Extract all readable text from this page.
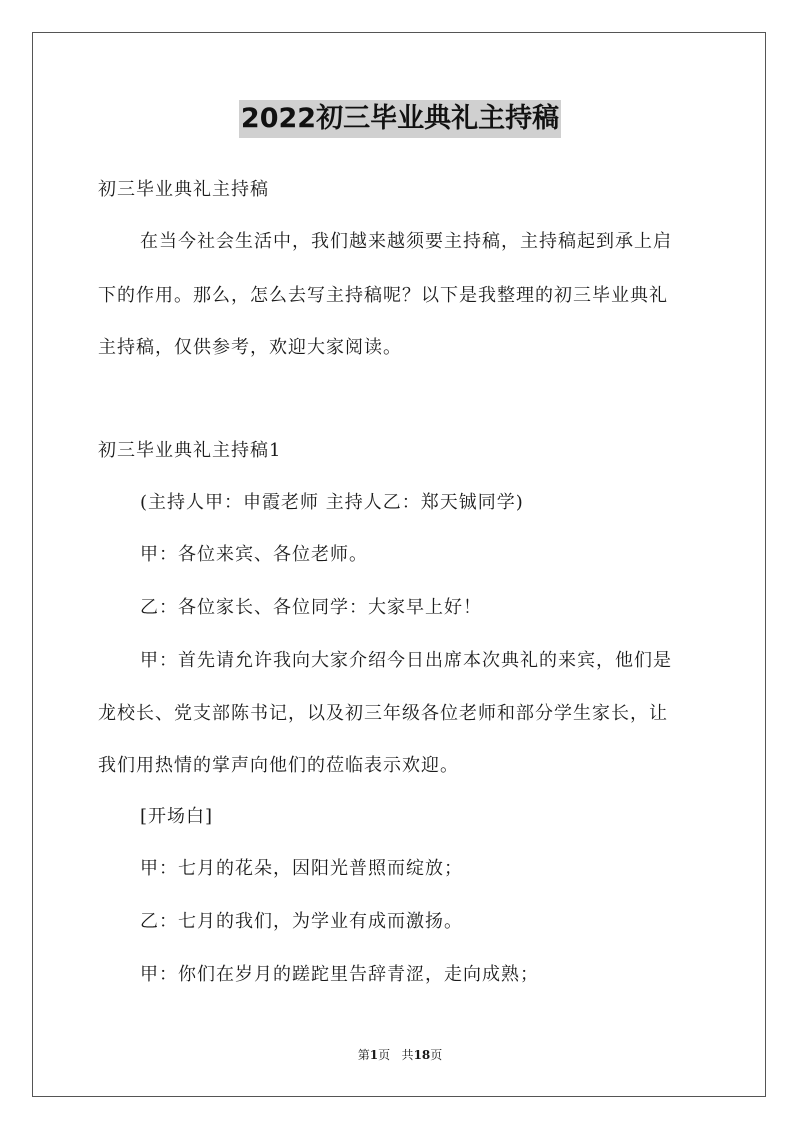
2022初三毕业典礼主持稿
初三毕业典礼主持稿
在当今社会生活中，我们越来越须要主持稿，主持稿起到承上启
下的作用。那么，怎么去写主持稿呢？以下是我整理的初三毕业典礼
主持稿，仅供参考，欢迎大家阅读。
初三毕业典礼主持稿1
(主持人甲：申霞老师 主持人乙：郑天铖同学)
甲：各位来宾、各位老师。
乙：各位家长、各位同学：大家早上好！
甲：首先请允许我向大家介绍今日出席本次典礼的来宾，他们是
龙校长、党支部陈书记，以及初三年级各位老师和部分学生家长，让
我们用热情的掌声向他们的莅临表示欢迎。
[开场白]
甲：七月的花朵，因阳光普照而绽放；
乙：七月的我们，为学业有成而激扬。
甲：你们在岁月的蹉跎里告辞青涩，走向成熟；
第1页 共18页
